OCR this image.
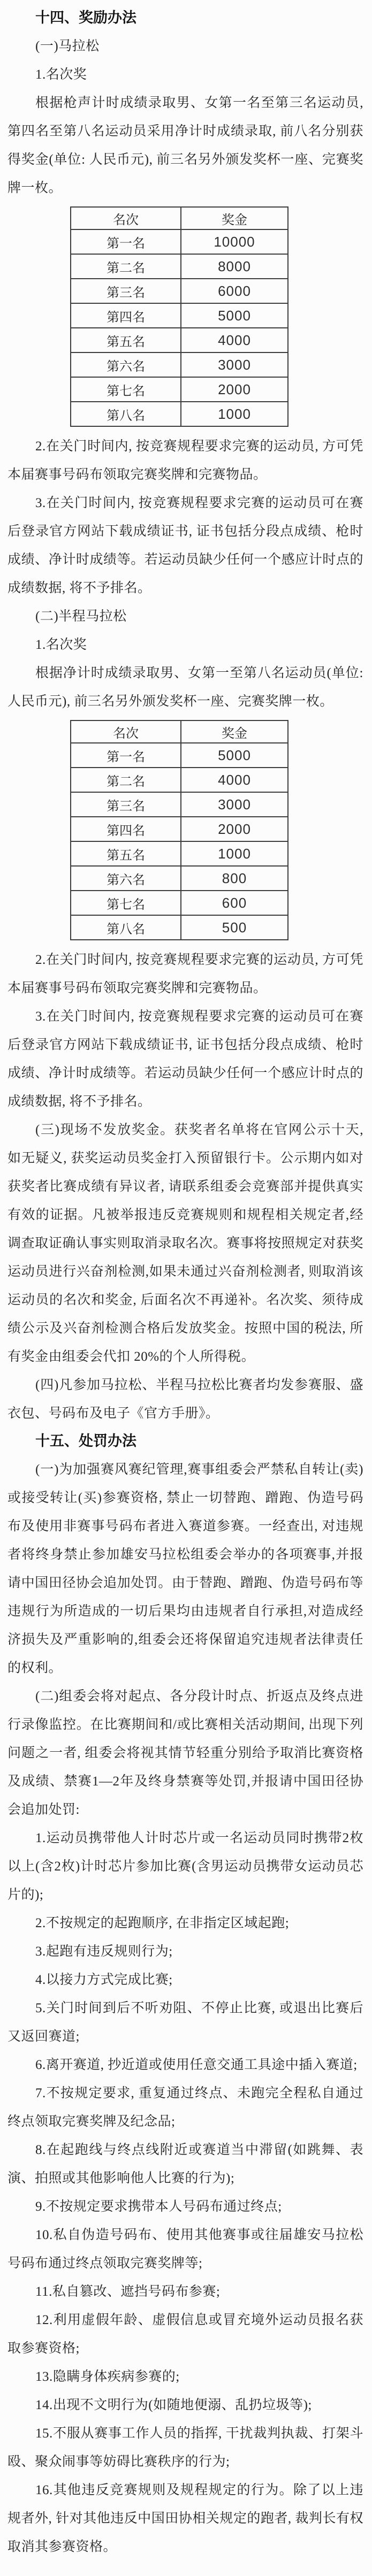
十四、奖励办法

(一)马拉松

1.名次奖

根据枪声计时成绩录取男、女第一名至第三名运动员,第四名至第八名运动员采用净计时成绩录取, 前八名分别获得奖金(单位: 人民币元), 前三名另外颁发奖杯一座、完赛奖牌一枚。

名次	奖金
第一名	10000
第二名	8000
第三名	6000
第四名	5000
第五名	4000
第六名	3000
第七名	2000
第八名	1000

2.在关门时间内, 按竞赛规程要求完赛的运动员, 方可凭本届赛事号码布领取完赛奖牌和完赛物品。

3.在关门时间内, 按竞赛规程要求完赛的运动员可在赛后登录官方网站下载成绩证书, 证书包括分段点成绩、枪时成绩、净计时成绩等。若运动员缺少任何一个感应计时点的成绩数据, 将不予排名。

(二)半程马拉松

1.名次奖

根据净计时成绩录取男、女第一至第八名运动员(单位: 人民币元), 前三名另外颁发奖杯一座、完赛奖牌一枚。

名次	奖金
第一名	5000
第二名	4000
第三名	3000
第四名	2000
第五名	1000
第六名	800
第七名	600
第八名	500

2.在关门时间内, 按竞赛规程要求完赛的运动员, 方可凭本届赛事号码布领取完赛奖牌和完赛物品。

3.在关门时间内, 按竞赛规程要求完赛的运动员可在赛后登录官方网站下载成绩证书, 证书包括分段点成绩、枪时成绩、净计时成绩等。若运动员缺少任何一个感应计时点的成绩数据, 将不予排名。

(三)现场不发放奖金。获奖者名单将在官网公示十天, 如无疑义, 获奖运动员奖金打入预留银行卡。公示期内如对获奖者比赛成绩有异议者, 请联系组委会竞赛部并提供真实有效的证据。凡被举报违反竞赛规则和规程相关规定者,经调查取证确认事实则取消录取名次。赛事将按照规定对获奖运动员进行兴奋剂检测,如果未通过兴奋剂检测者, 则取消该运动员的名次和奖金, 后面名次不再递补。名次奖、须待成绩公示及兴奋剂检测合格后发放奖金。按照中国的税法, 所有奖金由组委会代扣 20%的个人所得税。

(四)凡参加马拉松、半程马拉松比赛者均发参赛服、盛衣包、号码布及电子《官方手册》。

十五、处罚办法

(一)为加强赛风赛纪管理,赛事组委会严禁私自转让(卖)或接受转让(买)参赛资格, 禁止一切替跑、蹭跑、伪造号码布及使用非赛事号码布者进入赛道参赛。一经查出, 对违规者将终身禁止参加雄安马拉松组委会举办的各项赛事,并报请中国田径协会追加处罚。由于替跑、蹭跑、伪造号码布等违规行为所造成的一切后果均由违规者自行承担,对造成经济损失及严重影响的,组委会还将保留追究违规者法律责任的权利。

(二)组委会将对起点、各分段计时点、折返点及终点进行录像监控。在比赛期间和/或比赛相关活动期间, 出现下列问题之一者, 组委会将视其情节轻重分别给予取消比赛资格及成绩、禁赛1—2年及终身禁赛等处罚,并报请中国田径协会追加处罚:

1.运动员携带他人计时芯片或一名运动员同时携带2枚以上(含2枚)计时芯片参加比赛(含男运动员携带女运动员芯片的);

2.不按规定的起跑顺序, 在非指定区域起跑;

3.起跑有违反规则行为;

4.以接力方式完成比赛;

5.关门时间到后不听劝阻、不停止比赛, 或退出比赛后又返回赛道;

6.离开赛道, 抄近道或使用任意交通工具途中插入赛道;

7.不按规定要求, 重复通过终点、未跑完全程私自通过终点领取完赛奖牌及纪念品;

8.在起跑线与终点线附近或赛道当中滞留(如跳舞、表演、拍照或其他影响他人比赛的行为);

9.不按规定要求携带本人号码布通过终点;

10.私自伪造号码布、使用其他赛事或往届雄安马拉松号码布通过终点领取完赛奖牌等;

11.私自篡改、遮挡号码布参赛;

12.利用虚假年龄、虚假信息或冒充境外运动员报名获取参赛资格;

13.隐瞒身体疾病参赛的;

14.出现不文明行为(如随地便溺、乱扔垃圾等);

15.不服从赛事工作人员的指挥, 干扰裁判执裁、打架斗殴、聚众闹事等妨碍比赛秩序的行为;

16.其他违反竞赛规则及规程规定的行为。除了以上违规者外, 针对其他违反中国田协相关规定的跑者, 裁判长有权取消其参赛资格。
